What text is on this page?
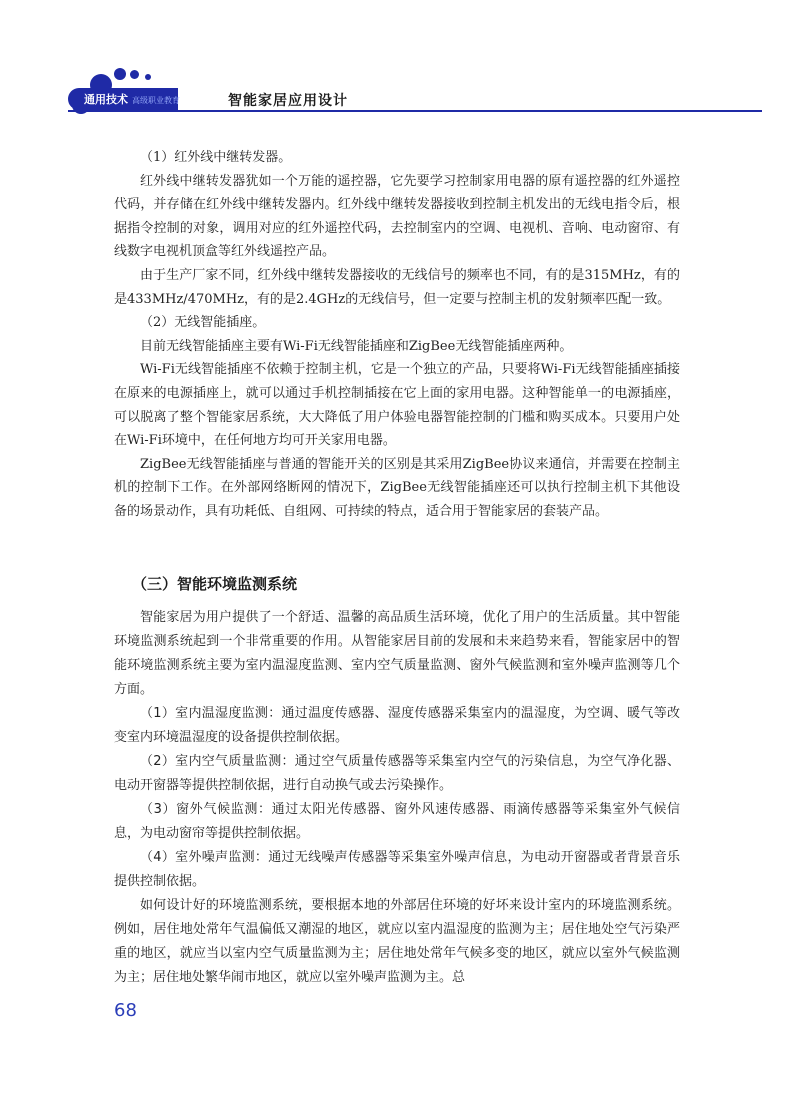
通用技术 高级职业教育	智能家居应用设计

（1）红外线中继转发器。

红外线中继转发器犹如一个万能的遥控器，它先要学习控制家用电器的原有遥控器的红外遥控代码，并存储在红外线中继转发器内。红外线中继转发器接收到控制主机发出的无线电指令后，根据指令控制的对象，调用对应的红外遥控代码，去控制室内的空调、电视机、音响、电动窗帘、有线数字电视机顶盒等红外线遥控产品。

由于生产厂家不同，红外线中继转发器接收的无线信号的频率也不同，有的是315MHz，有的是433MHz/470MHz，有的是2.4GHz的无线信号，但一定要与控制主机的发射频率匹配一致。

（2）无线智能插座。

目前无线智能插座主要有Wi-Fi无线智能插座和ZigBee无线智能插座两种。

Wi-Fi无线智能插座不依赖于控制主机，它是一个独立的产品，只要将Wi-Fi无线智能插座插接在原来的电源插座上，就可以通过手机控制插接在它上面的家用电器。这种智能单一的电源插座，可以脱离了整个智能家居系统，大大降低了用户体验电器智能控制的门槛和购买成本。只要用户处在Wi-Fi环境中，在任何地方均可开关家用电器。

ZigBee无线智能插座与普通的智能开关的区别是其采用ZigBee协议来通信，并需要在控制主机的控制下工作。在外部网络断网的情况下，ZigBee无线智能插座还可以执行控制主机下其他设备的场景动作，具有功耗低、自组网、可持续的特点，适合用于智能家居的套装产品。

（三）智能环境监测系统

智能家居为用户提供了一个舒适、温馨的高品质生活环境，优化了用户的生活质量。其中智能环境监测系统起到一个非常重要的作用。从智能家居目前的发展和未来趋势来看，智能家居中的智能环境监测系统主要为室内温湿度监测、室内空气质量监测、窗外气候监测和室外噪声监测等几个方面。

（1）室内温湿度监测：通过温度传感器、湿度传感器采集室内的温湿度，为空调、暖气等改变室内环境温湿度的设备提供控制依据。

（2）室内空气质量监测：通过空气质量传感器等采集室内空气的污染信息，为空气净化器、电动开窗器等提供控制依据，进行自动换气或去污染操作。

（3）窗外气候监测：通过太阳光传感器、窗外风速传感器、雨滴传感器等采集室外气候信息，为电动窗帘等提供控制依据。

（4）室外噪声监测：通过无线噪声传感器等采集室外噪声信息，为电动开窗器或者背景音乐提供控制依据。

如何设计好的环境监测系统，要根据本地的外部居住环境的好坏来设计室内的环境监测系统。例如，居住地处常年气温偏低又潮湿的地区，就应以室内温湿度的监测为主；居住地处空气污染严重的地区，就应当以室内空气质量监测为主；居住地处常年气候多变的地区，就应以室外气候监测为主；居住地处繁华闹市地区，就应以室外噪声监测为主。总

68
